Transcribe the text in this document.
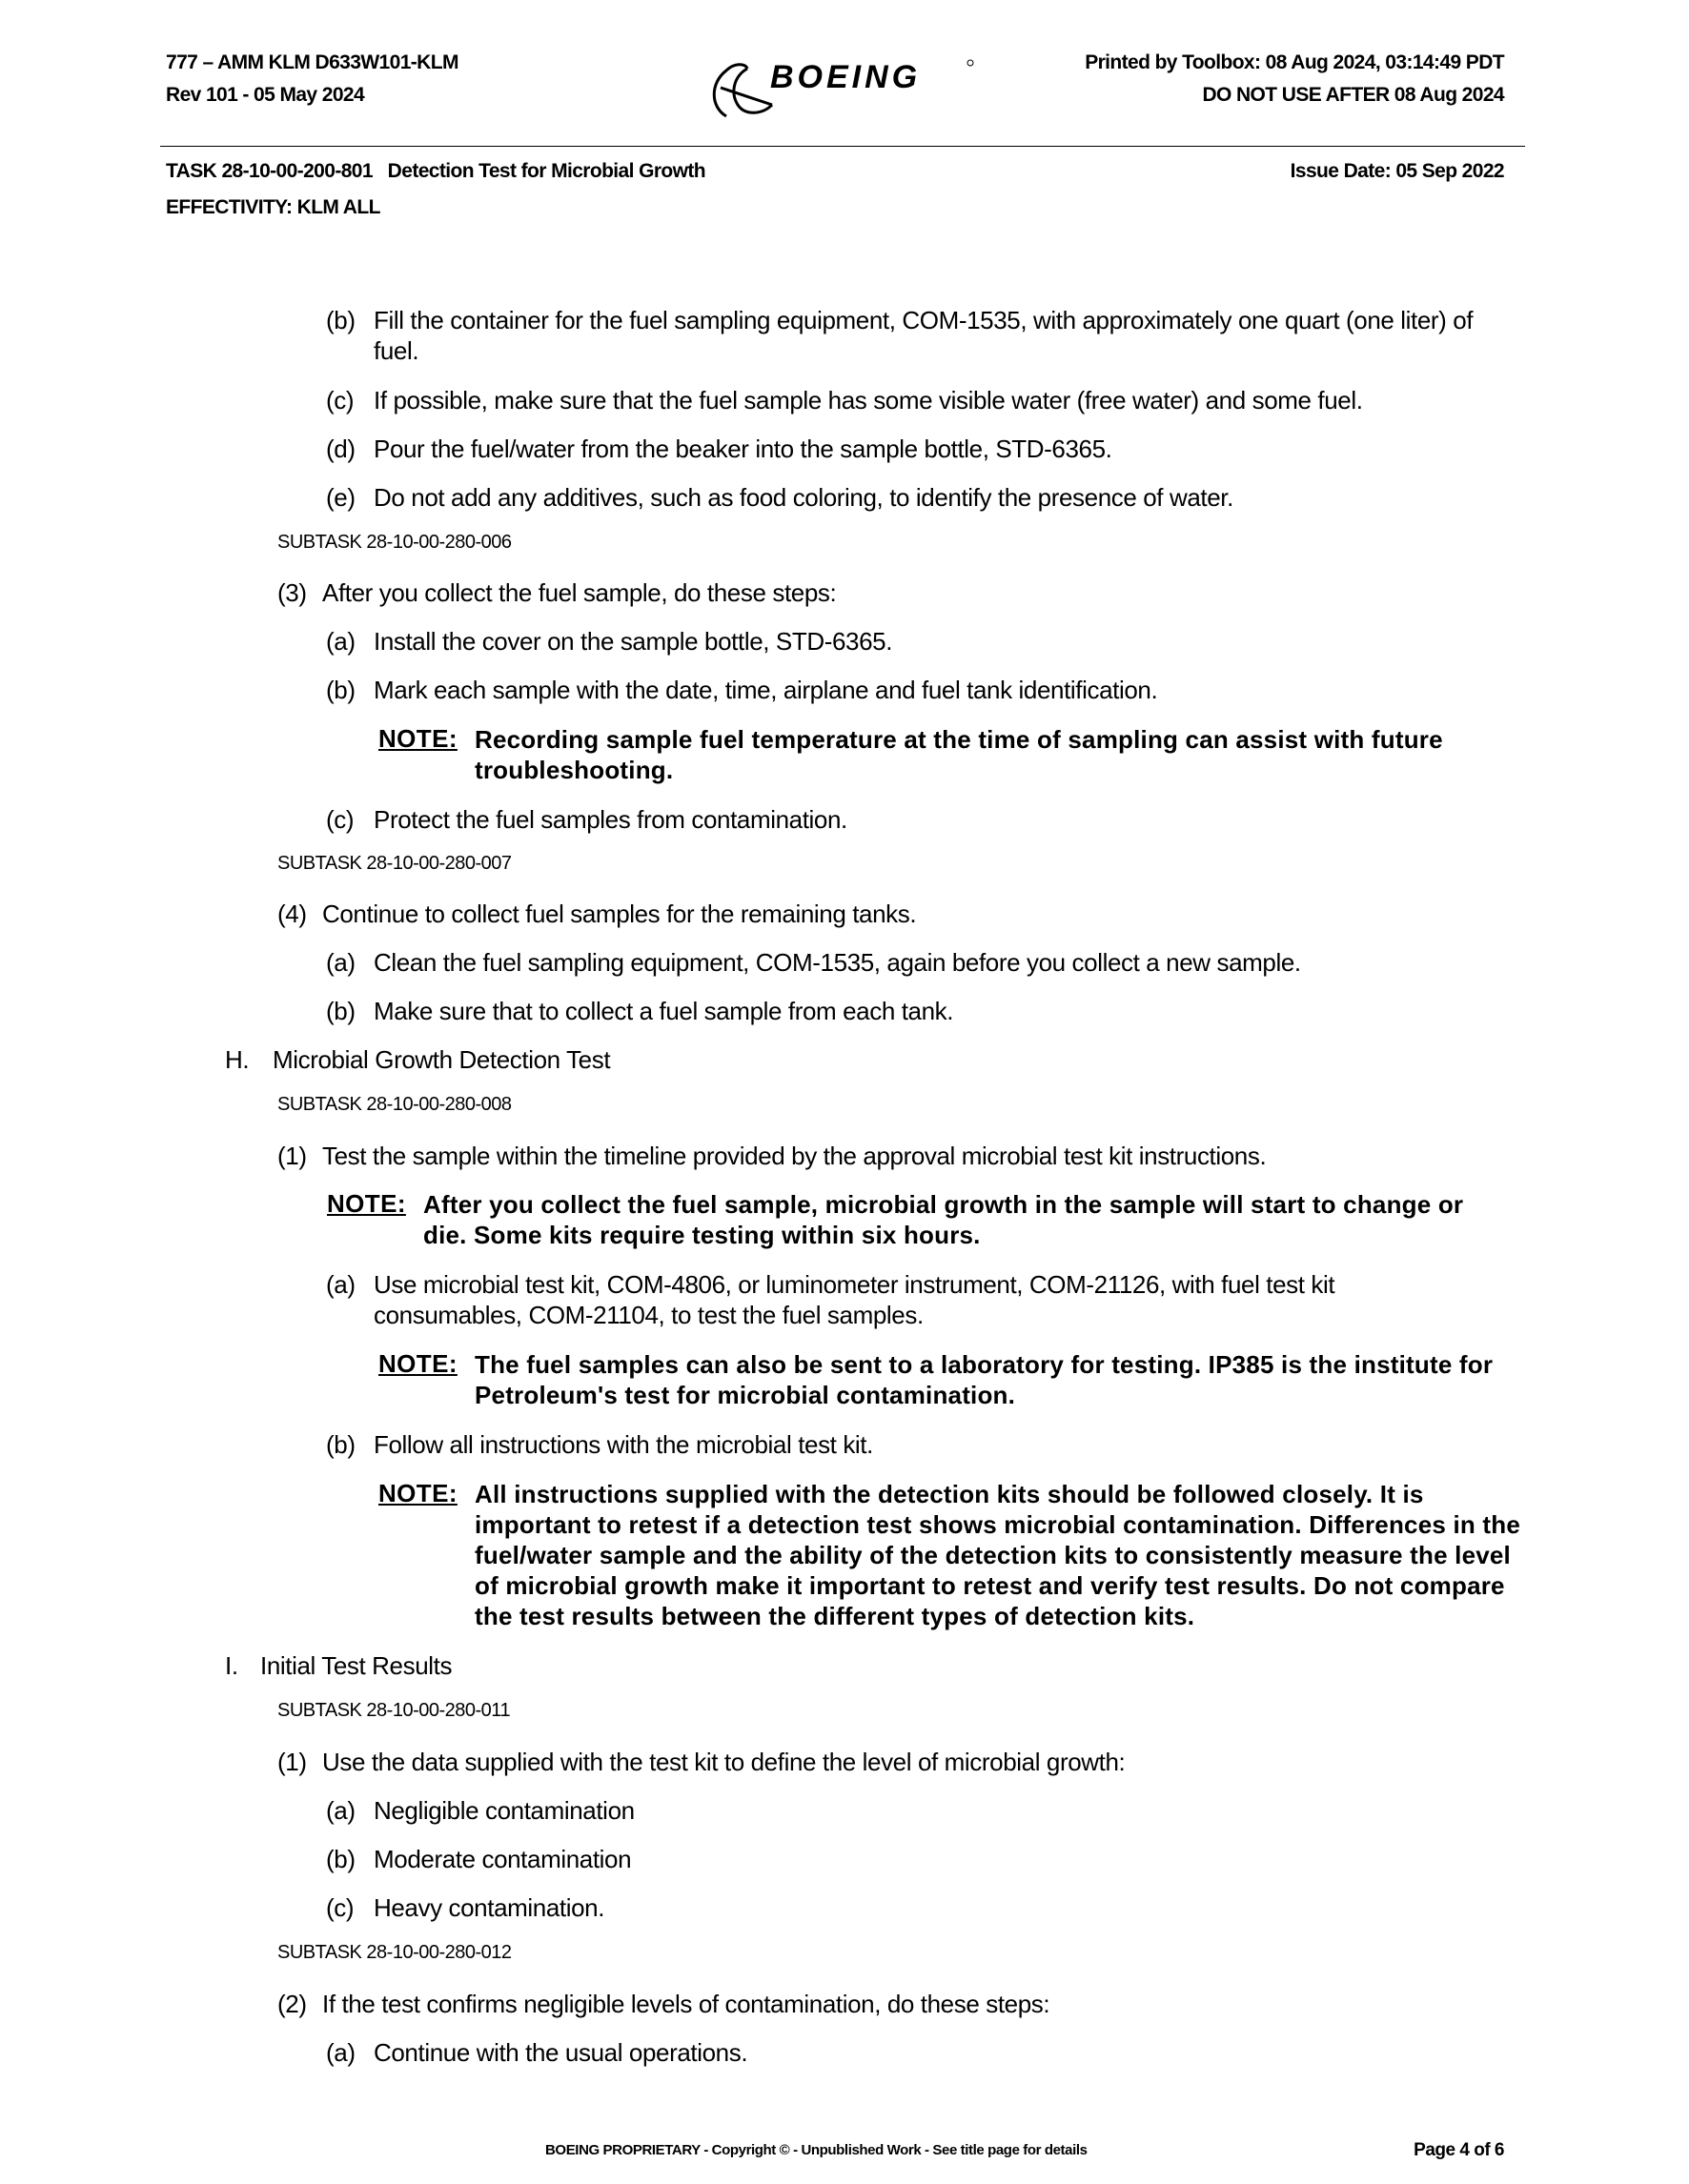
777 – AMM KLM D633W101-KLM
Rev 101 - 05 May 2024	BOEING	Printed by Toolbox: 08 Aug 2024, 03:14:49 PDT
DO NOT USE AFTER 08 Aug 2024
TASK 28-10-00-200-801   Detection Test for Microbial Growth	Issue Date: 05 Sep 2022
EFFECTIVITY: KLM ALL
(b) Fill the container for the fuel sampling equipment, COM-1535, with approximately one quart (one liter) of fuel.
(c) If possible, make sure that the fuel sample has some visible water (free water) and some fuel.
(d) Pour the fuel/water from the beaker into the sample bottle, STD-6365.
(e) Do not add any additives, such as food coloring, to identify the presence of water.
SUBTASK 28-10-00-280-006
(3) After you collect the fuel sample, do these steps:
(a) Install the cover on the sample bottle, STD-6365.
(b) Mark each sample with the date, time, airplane and fuel tank identification.
NOTE: Recording sample fuel temperature at the time of sampling can assist with future troubleshooting.
(c) Protect the fuel samples from contamination.
SUBTASK 28-10-00-280-007
(4) Continue to collect fuel samples for the remaining tanks.
(a) Clean the fuel sampling equipment, COM-1535, again before you collect a new sample.
(b) Make sure that to collect a fuel sample from each tank.
H. Microbial Growth Detection Test
SUBTASK 28-10-00-280-008
(1) Test the sample within the timeline provided by the approval microbial test kit instructions.
NOTE: After you collect the fuel sample, microbial growth in the sample will start to change or die. Some kits require testing within six hours.
(a) Use microbial test kit, COM-4806, or luminometer instrument, COM-21126, with fuel test kit consumables, COM-21104, to test the fuel samples.
NOTE: The fuel samples can also be sent to a laboratory for testing. IP385 is the institute for Petroleum's test for microbial contamination.
(b) Follow all instructions with the microbial test kit.
NOTE: All instructions supplied with the detection kits should be followed closely. It is important to retest if a detection test shows microbial contamination. Differences in the fuel/water sample and the ability of the detection kits to consistently measure the level of microbial growth make it important to retest and verify test results. Do not compare the test results between the different types of detection kits.
I. Initial Test Results
SUBTASK 28-10-00-280-011
(1) Use the data supplied with the test kit to define the level of microbial growth:
(a) Negligible contamination
(b) Moderate contamination
(c) Heavy contamination.
SUBTASK 28-10-00-280-012
(2) If the test confirms negligible levels of contamination, do these steps:
(a) Continue with the usual operations.
BOEING PROPRIETARY - Copyright © - Unpublished Work - See title page for details	Page 4 of 6
